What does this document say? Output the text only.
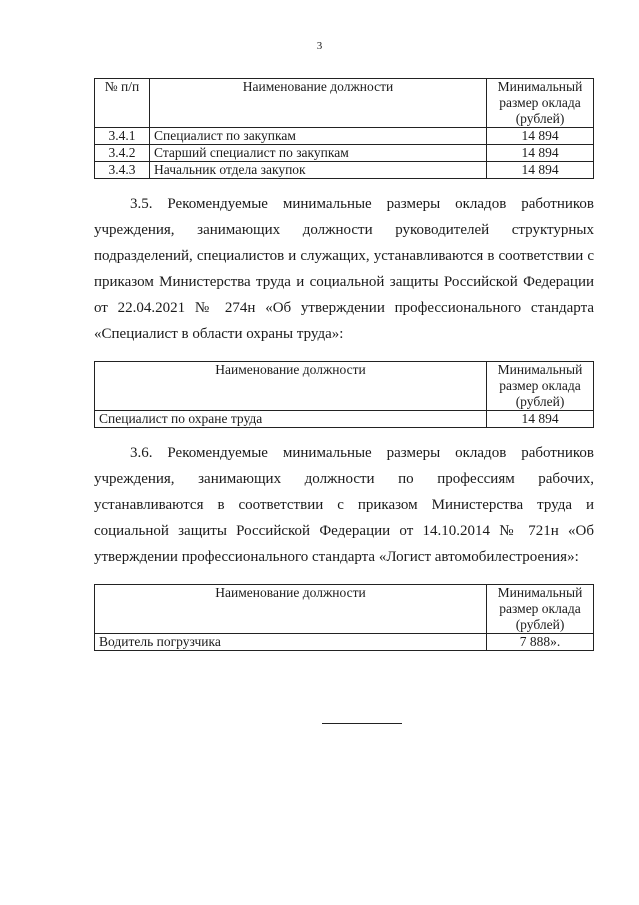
3
№ п/п	Наименование должности	Минимальный размер оклада (рублей)
3.4.1	Специалист по закупкам	14 894
3.4.2	Старший специалист по закупкам	14 894
3.4.3	Начальник отдела закупок	14 894

3.5. Рекомендуемые минимальные размеры окладов работников учреждения, занимающих должности руководителей структурных подразделений, специалистов и служащих, устанавливаются в соответствии с приказом Министерства труда и социальной защиты Российской Федерации от 22.04.2021 № 274н «Об утверждении профессионального стандарта «Специалист в области охраны труда»:

Наименование должности	Минимальный размер оклада (рублей)
Специалист по охране труда	14 894

3.6. Рекомендуемые минимальные размеры окладов работников учреждения, занимающих должности по профессиям рабочих, устанавливаются в соответствии с приказом Министерства труда и социальной защиты Российской Федерации от 14.10.2014 № 721н «Об утверждении профессионального стандарта «Логист автомобилестроения»:

Наименование должности	Минимальный размер оклада (рублей)
Водитель погрузчика	7 888».
